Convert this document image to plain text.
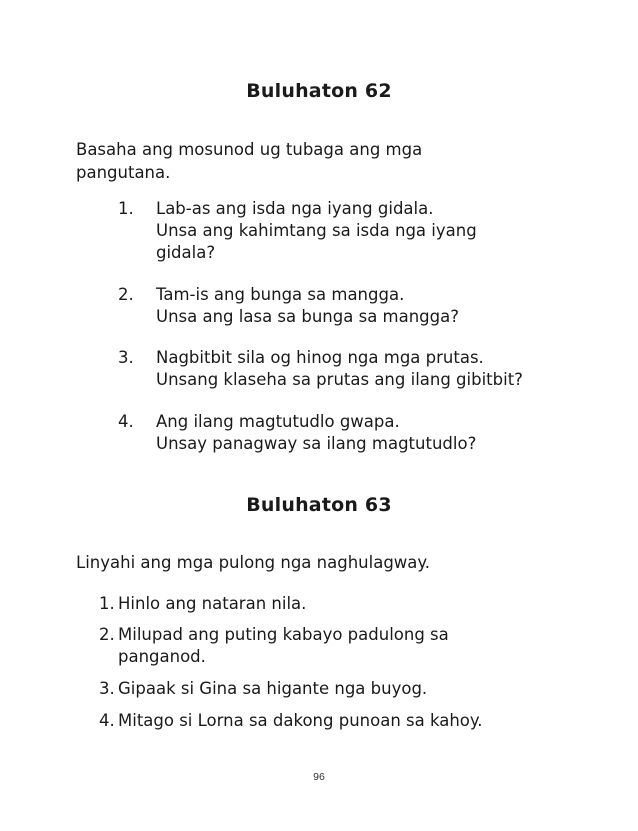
Buluhaton 62
Basaha ang mosunod ug tubaga ang mga
pangutana.
1.	Lab-as ang isda nga iyang gidala.
Unsa ang kahimtang sa isda nga iyang
gidala?
2.	Tam-is ang bunga sa mangga.
Unsa ang lasa sa bunga sa mangga?
3.	Nagbitbit sila og hinog nga mga prutas.
Unsang klaseha sa prutas ang ilang gibitbit?
4.	Ang ilang magtutudlo gwapa.
Unsay panagway sa ilang magtutudlo?
Buluhaton 63
Linyahi ang mga pulong nga naghulagway.
1. Hinlo ang nataran nila.
2. Milupad ang puting kabayo padulong sa
panganod.
3. Gipaak si Gina sa higante nga buyog.
4. Mitago si Lorna sa dakong punoan sa kahoy.
96
